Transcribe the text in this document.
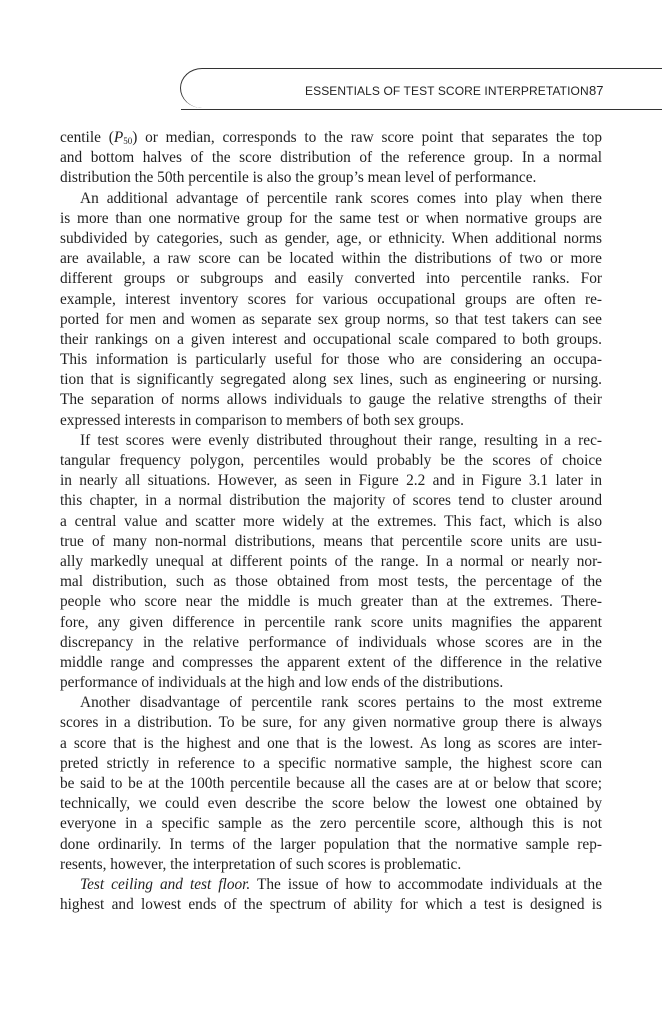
ESSENTIALS OF TEST SCORE INTERPRETATION 87
centile $(P_{50})$ or median, corresponds to the raw score point that separates the top
and bottom halves of the score distribution of the reference group. In a normal
distribution the 50th percentile is also the group’s mean level of performance.
An additional advantage of percentile rank scores comes into play when there
is more than one normative group for the same test or when normative groups are
subdivided by categories, such as gender, age, or ethnicity. When additional norms
are available, a raw score can be located within the distributions of two or more
different groups or subgroups and easily converted into percentile ranks. For
example, interest inventory scores for various occupational groups are often re-
ported for men and women as separate sex group norms, so that test takers can see
their rankings on a given interest and occupational scale compared to both groups.
This information is particularly useful for those who are considering an occupa-
tion that is significantly segregated along sex lines, such as engineering or nursing.
The separation of norms allows individuals to gauge the relative strengths of their
expressed interests in comparison to members of both sex groups.
If test scores were evenly distributed throughout their range, resulting in a rec-
tangular frequency polygon, percentiles would probably be the scores of choice
in nearly all situations. However, as seen in Figure 2.2 and in Figure 3.1 later in
this chapter, in a normal distribution the majority of scores tend to cluster around
a central value and scatter more widely at the extremes. This fact, which is also
true of many non-normal distributions, means that percentile score units are usu-
ally markedly unequal at different points of the range. In a normal or nearly nor-
mal distribution, such as those obtained from most tests, the percentage of the
people who score near the middle is much greater than at the extremes. There-
fore, any given difference in percentile rank score units magnifies the apparent
discrepancy in the relative performance of individuals whose scores are in the
middle range and compresses the apparent extent of the difference in the relative
performance of individuals at the high and low ends of the distributions.
Another disadvantage of percentile rank scores pertains to the most extreme
scores in a distribution. To be sure, for any given normative group there is always
a score that is the highest and one that is the lowest. As long as scores are inter-
preted strictly in reference to a specific normative sample, the highest score can
be said to be at the 100th percentile because all the cases are at or below that score;
technically, we could even describe the score below the lowest one obtained by
everyone in a specific sample as the zero percentile score, although this is not
done ordinarily. In terms of the larger population that the normative sample rep-
resents, however, the interpretation of such scores is problematic.
Test ceiling and test floor. The issue of how to accommodate individuals at the
highest and lowest ends of the spectrum of ability for which a test is designed is
